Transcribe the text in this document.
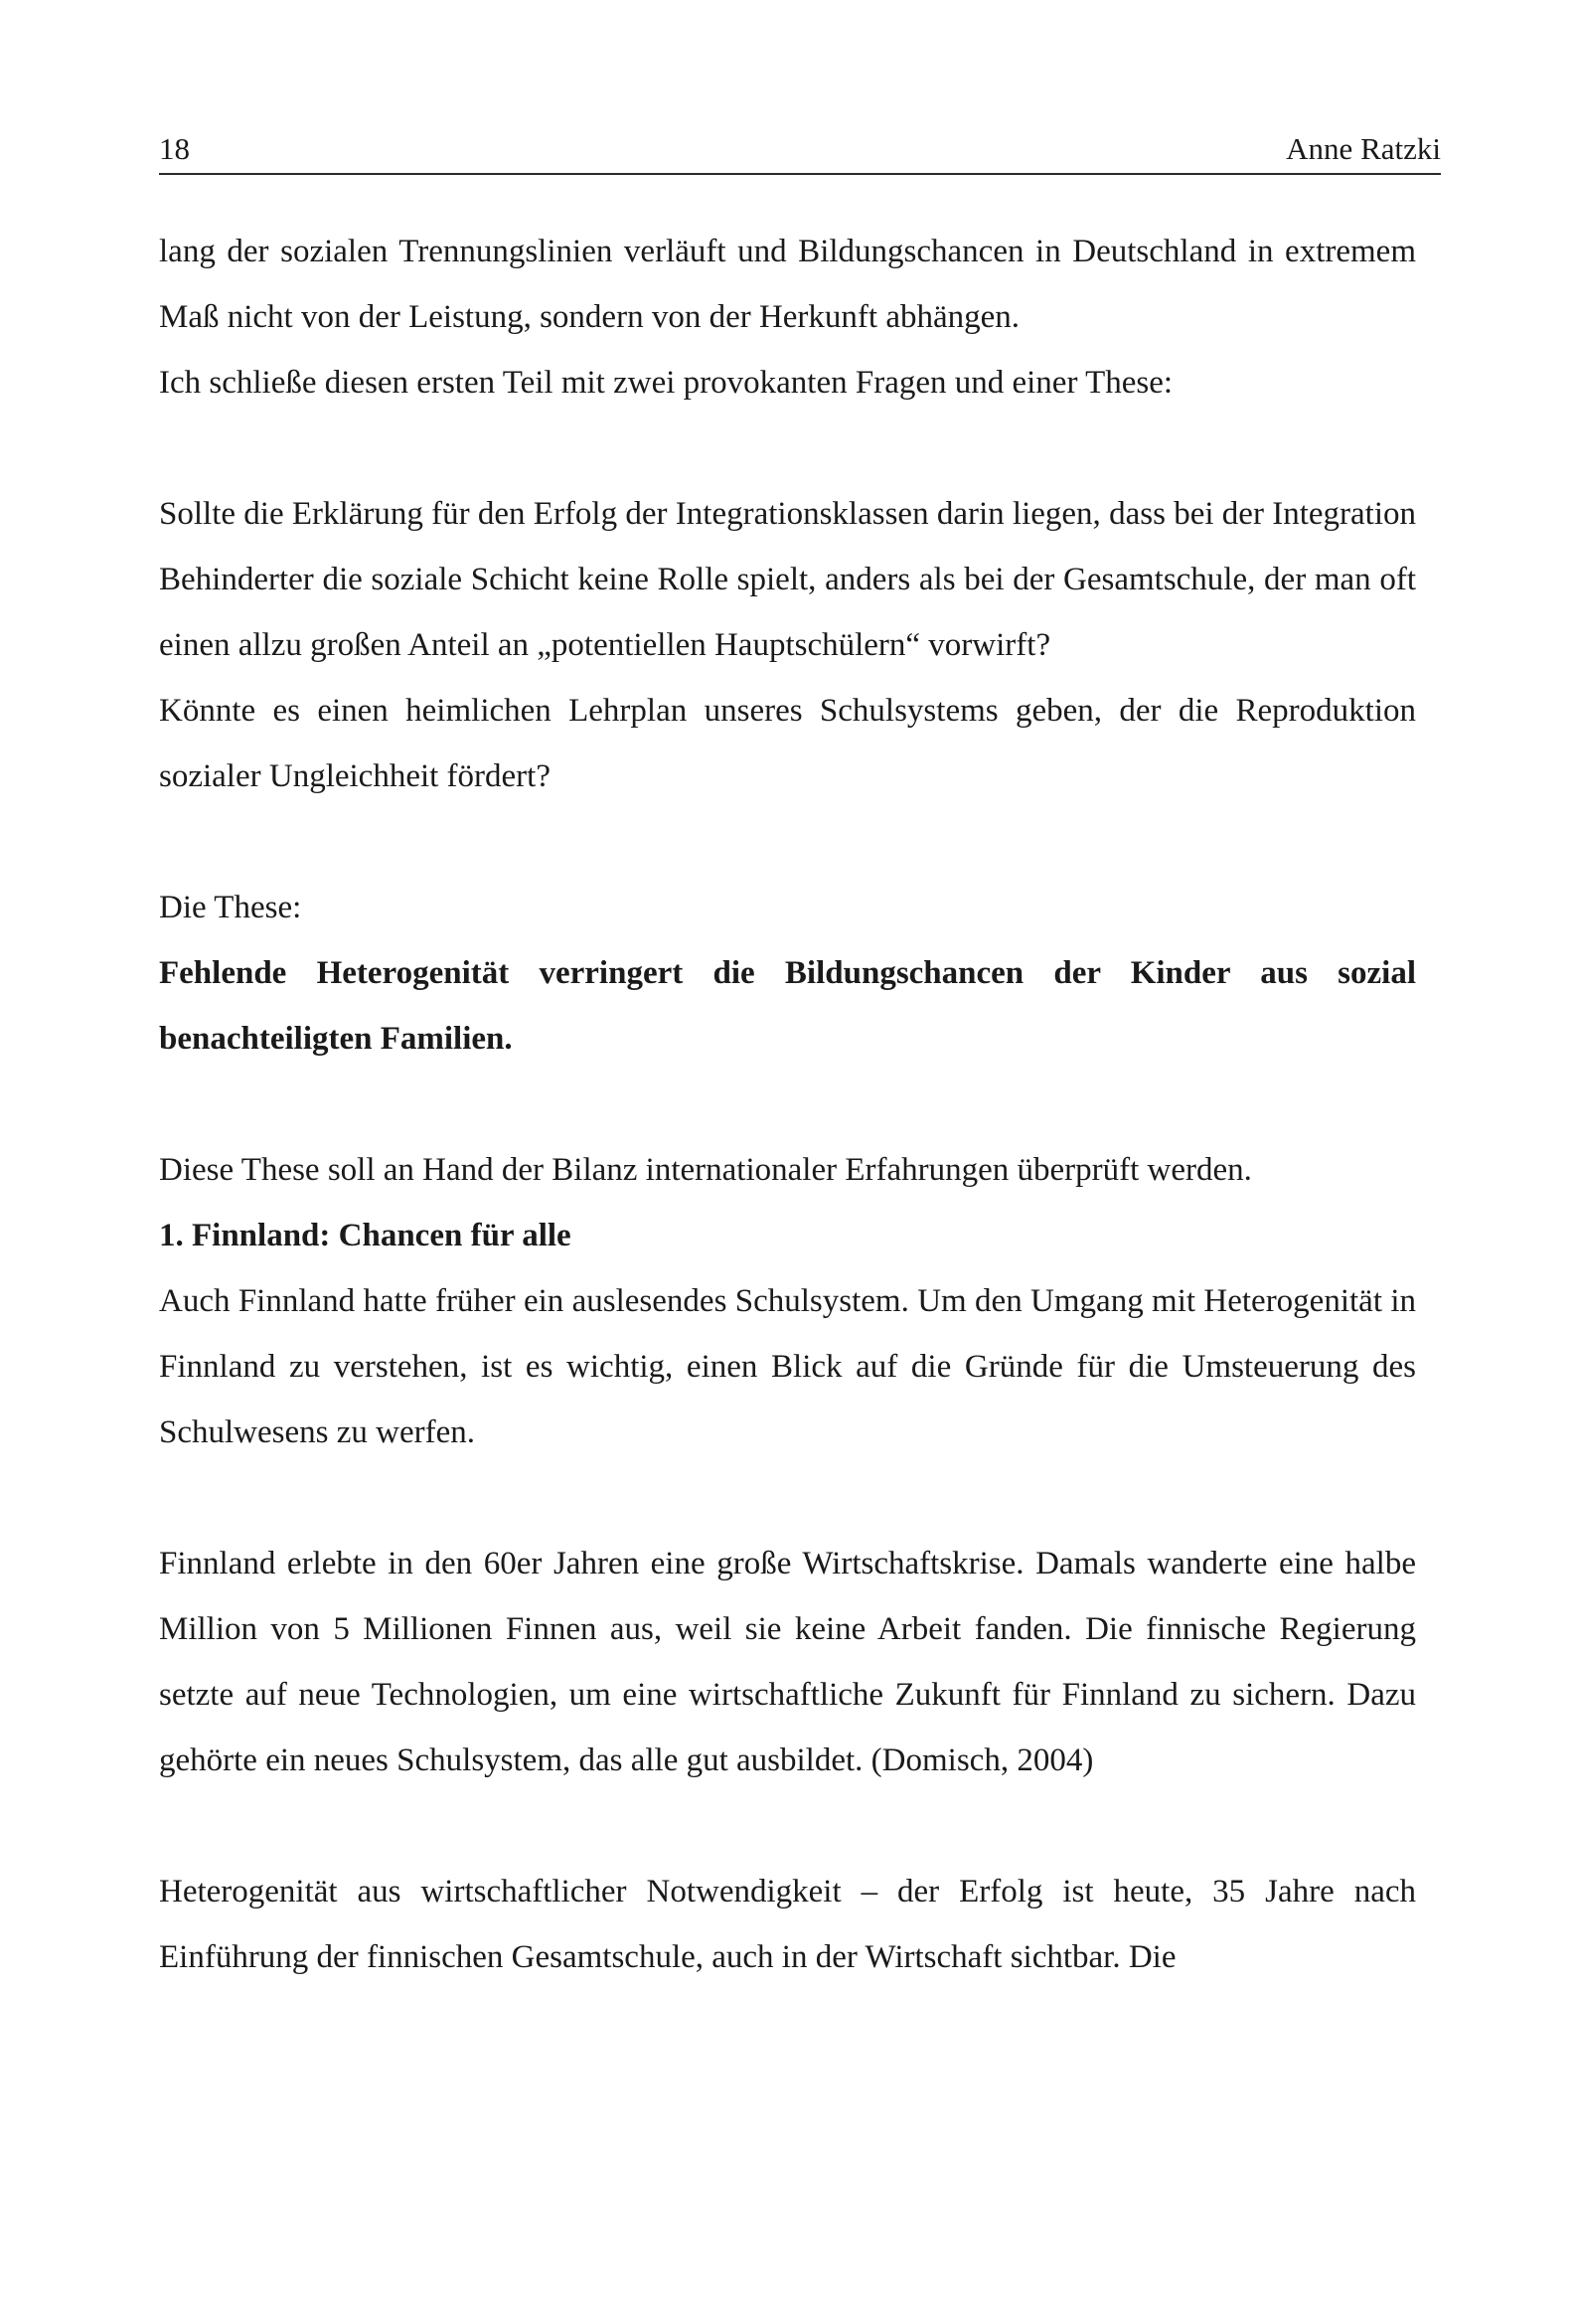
18	Anne Ratzki

lang der sozialen Trennungslinien verläuft und Bildungschancen in Deutschland in extremem Maß nicht von der Leistung, sondern von der Herkunft abhängen.

Ich schließe diesen ersten Teil mit zwei provokanten Fragen und einer These:

Sollte die Erklärung für den Erfolg der Integrationsklassen darin liegen, dass bei der Integration Behinderter die soziale Schicht keine Rolle spielt, anders als bei der Gesamtschule, der man oft einen allzu großen Anteil an „potentiellen Hauptschülern“ vorwirft?

Könnte es einen heimlichen Lehrplan unseres Schulsystems geben, der die Reproduktion sozialer Ungleichheit fördert?

Die These:

Fehlende Heterogenität verringert die Bildungschancen der Kinder aus sozial benachteiligten Familien.

Diese These soll an Hand der Bilanz internationaler Erfahrungen überprüft werden.

1. Finnland: Chancen für alle

Auch Finnland hatte früher ein auslesendes Schulsystem. Um den Umgang mit Heterogenität in Finnland zu verstehen, ist es wichtig, einen Blick auf die Gründe für die Umsteuerung des Schulwesens zu werfen.

Finnland erlebte in den 60er Jahren eine große Wirtschaftskrise. Damals wanderte eine halbe Million von 5 Millionen Finnen aus, weil sie keine Arbeit fanden. Die finnische Regierung setzte auf neue Technologien, um eine wirtschaftliche Zukunft für Finnland zu sichern. Dazu gehörte ein neues Schulsystem, das alle gut ausbildet. (Domisch, 2004)

Heterogenität aus wirtschaftlicher Notwendigkeit – der Erfolg ist heute, 35 Jahre nach Einführung der finnischen Gesamtschule, auch in der Wirtschaft sichtbar. Die
